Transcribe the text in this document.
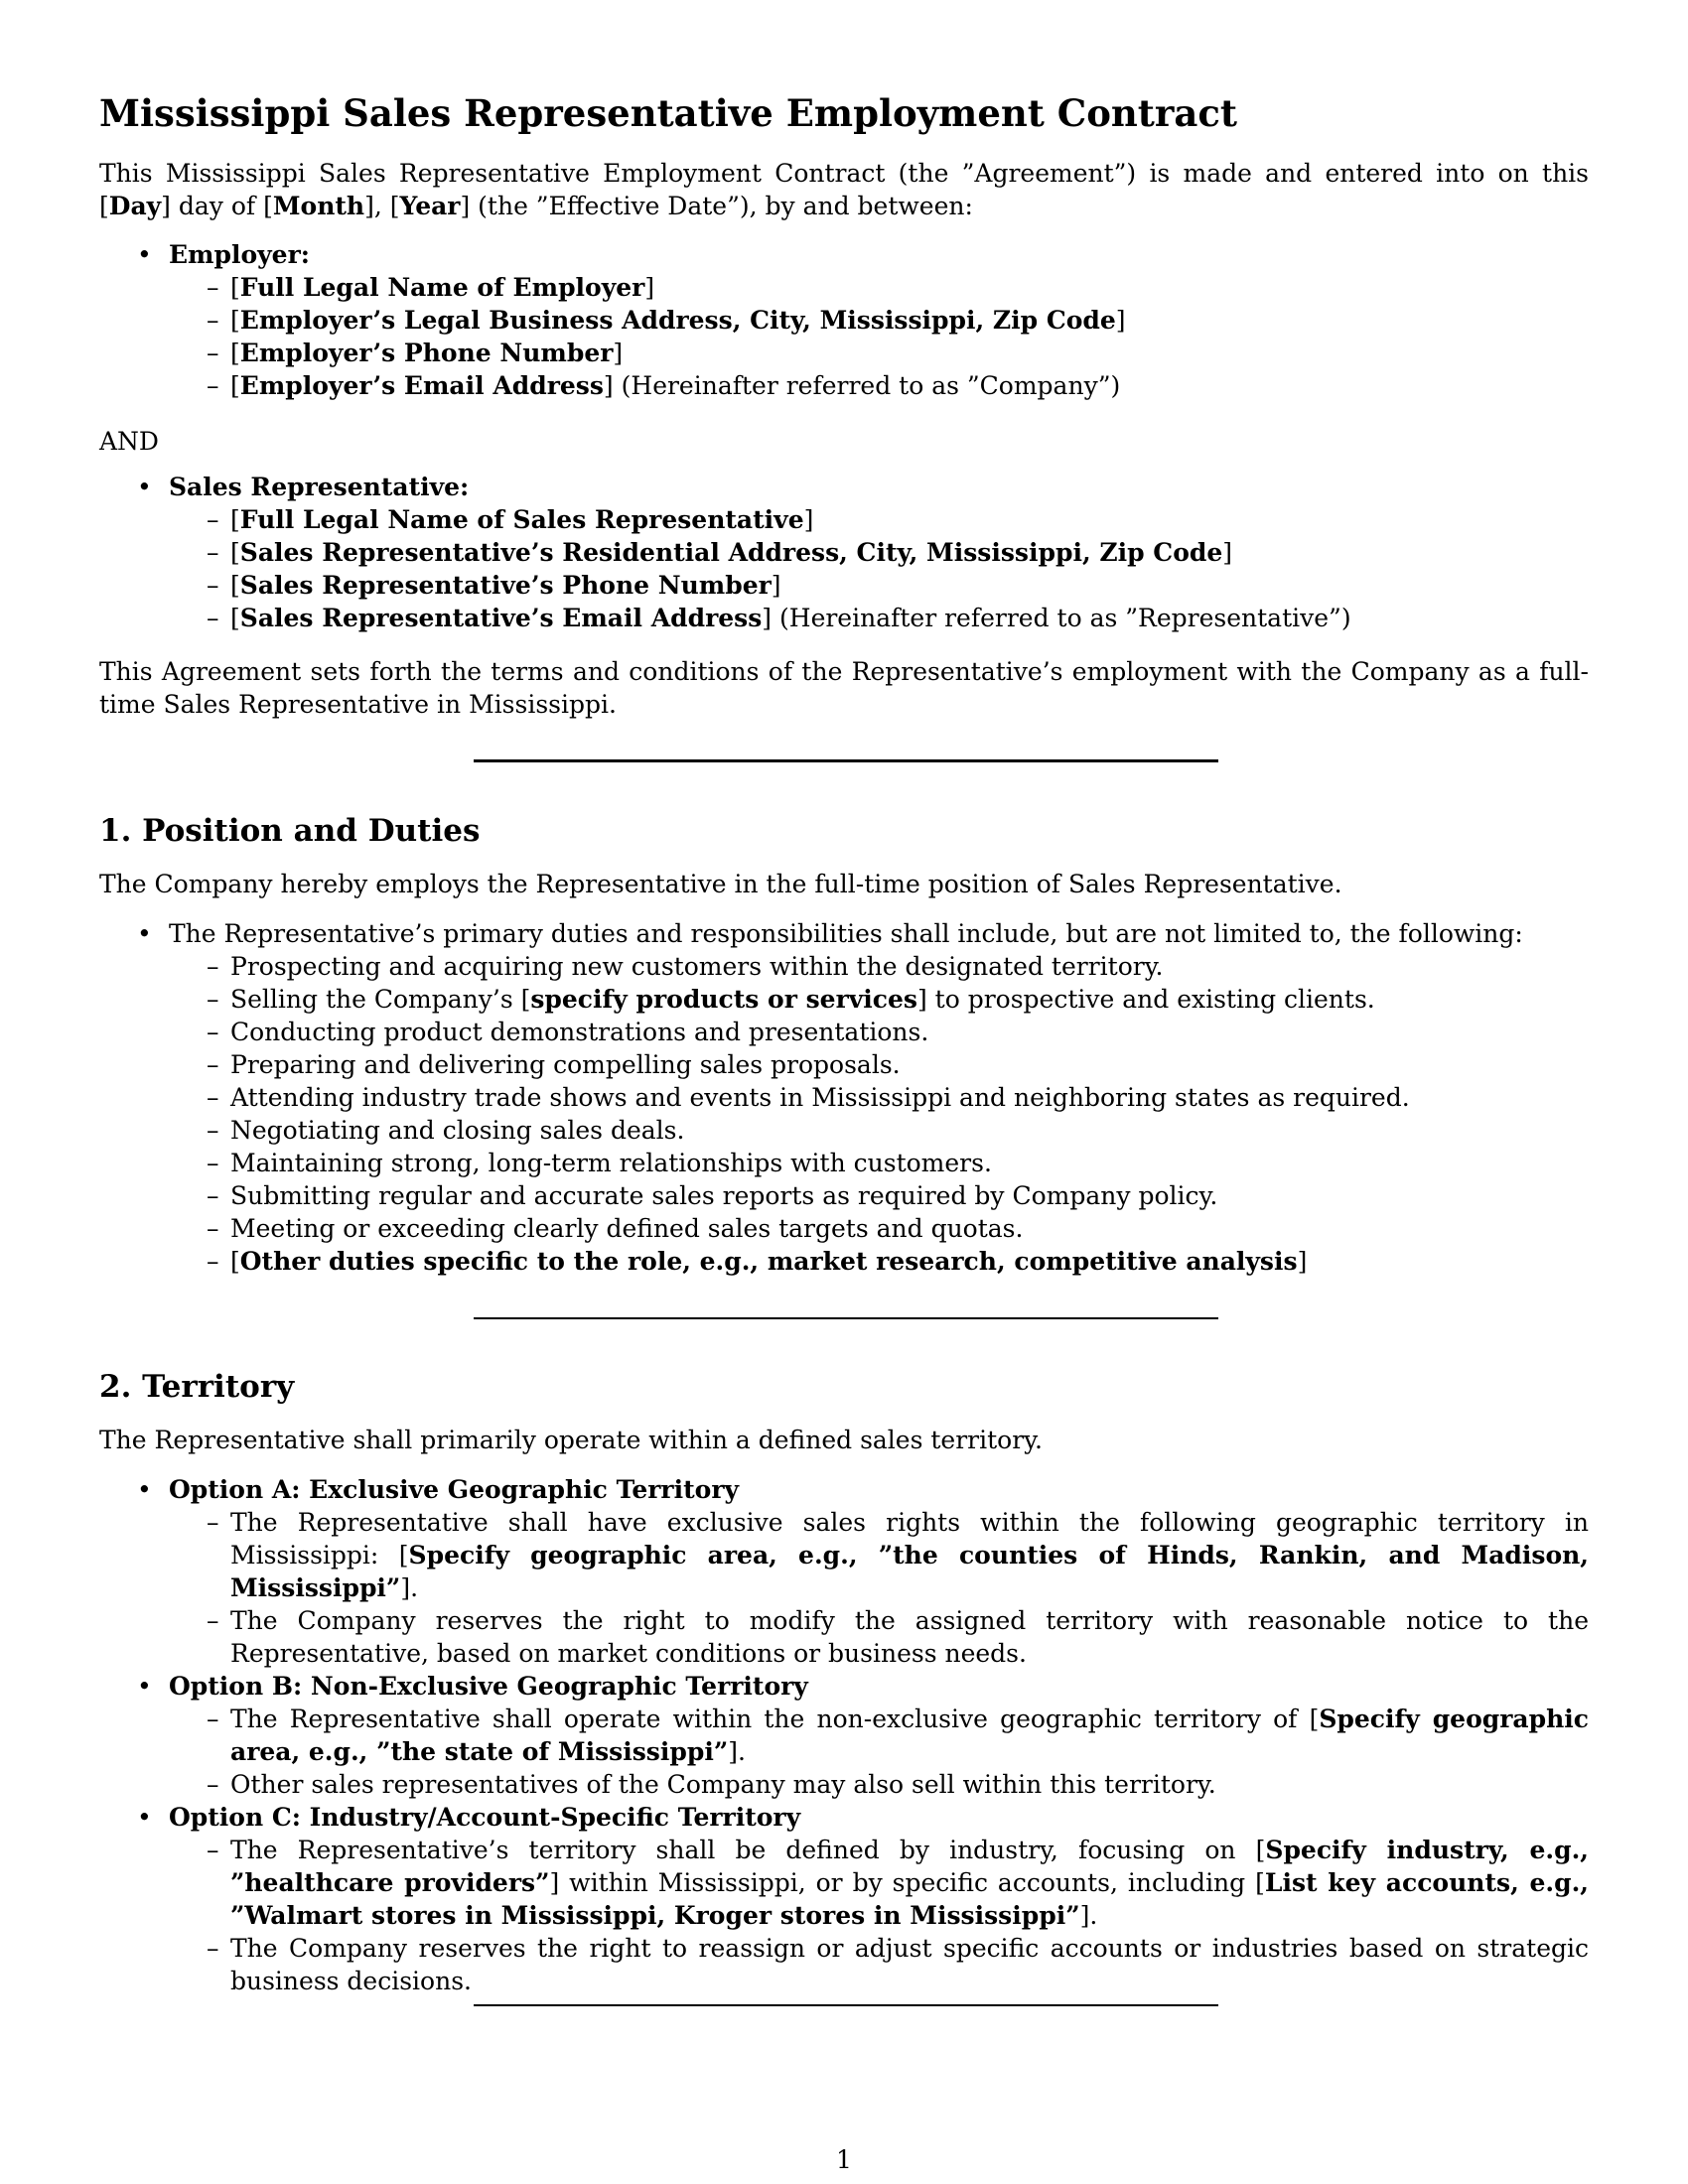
Mississippi Sales Representative Employment Contract

This Mississippi Sales Representative Employment Contract (the ”Agreement”) is made and entered into on this [Day] day of [Month], [Year] (the ”Effective Date”), by and between:

• Employer:
– [Full Legal Name of Employer]
– [Employer’s Legal Business Address, City, Mississippi, Zip Code]
– [Employer’s Phone Number]
– [Employer’s Email Address] (Hereinafter referred to as ”Company”)
AND
• Sales Representative:
– [Full Legal Name of Sales Representative]
– [Sales Representative’s Residential Address, City, Mississippi, Zip Code]
– [Sales Representative’s Phone Number]
– [Sales Representative’s Email Address] (Hereinafter referred to as ”Representative”)

This Agreement sets forth the terms and conditions of the Representative’s employment with the Company as a full-time Sales Representative in Mississippi.

1. Position and Duties

The Company hereby employs the Representative in the full-time position of Sales Representative.

• The Representative’s primary duties and responsibilities shall include, but are not limited to, the following:
– Prospecting and acquiring new customers within the designated territory.
– Selling the Company’s [specify products or services] to prospective and existing clients.
– Conducting product demonstrations and presentations.
– Preparing and delivering compelling sales proposals.
– Attending industry trade shows and events in Mississippi and neighboring states as required.
– Negotiating and closing sales deals.
– Maintaining strong, long-term relationships with customers.
– Submitting regular and accurate sales reports as required by Company policy.
– Meeting or exceeding clearly defined sales targets and quotas.
– [Other duties specific to the role, e.g., market research, competitive analysis]
2. Territory

The Representative shall primarily operate within a defined sales territory.

• Option A: Exclusive Geographic Territory
– The Representative shall have exclusive sales rights within the following geographic territory in Mississippi: [Specify geographic area, e.g., ”the counties of Hinds, Rankin, and Madison, Mississippi”].
– The Company reserves the right to modify the assigned territory with reasonable notice to the Representative, based on market conditions or business needs.
• Option B: Non-Exclusive Geographic Territory
– The Representative shall operate within the non-exclusive geographic territory of [Specify geographic area, e.g., ”the state of Mississippi”].
– Other sales representatives of the Company may also sell within this territory.
• Option C: Industry/Account-Specific Territory
– The Representative’s territory shall be defined by industry, focusing on [Specify industry, e.g., ”healthcare providers”] within Mississippi, or by specific accounts, including [List key accounts, e.g., ”Walmart stores in Mississippi, Kroger stores in Mississippi”].
– The Company reserves the right to reassign or adjust specific accounts or industries based on strategic business decisions.
1
